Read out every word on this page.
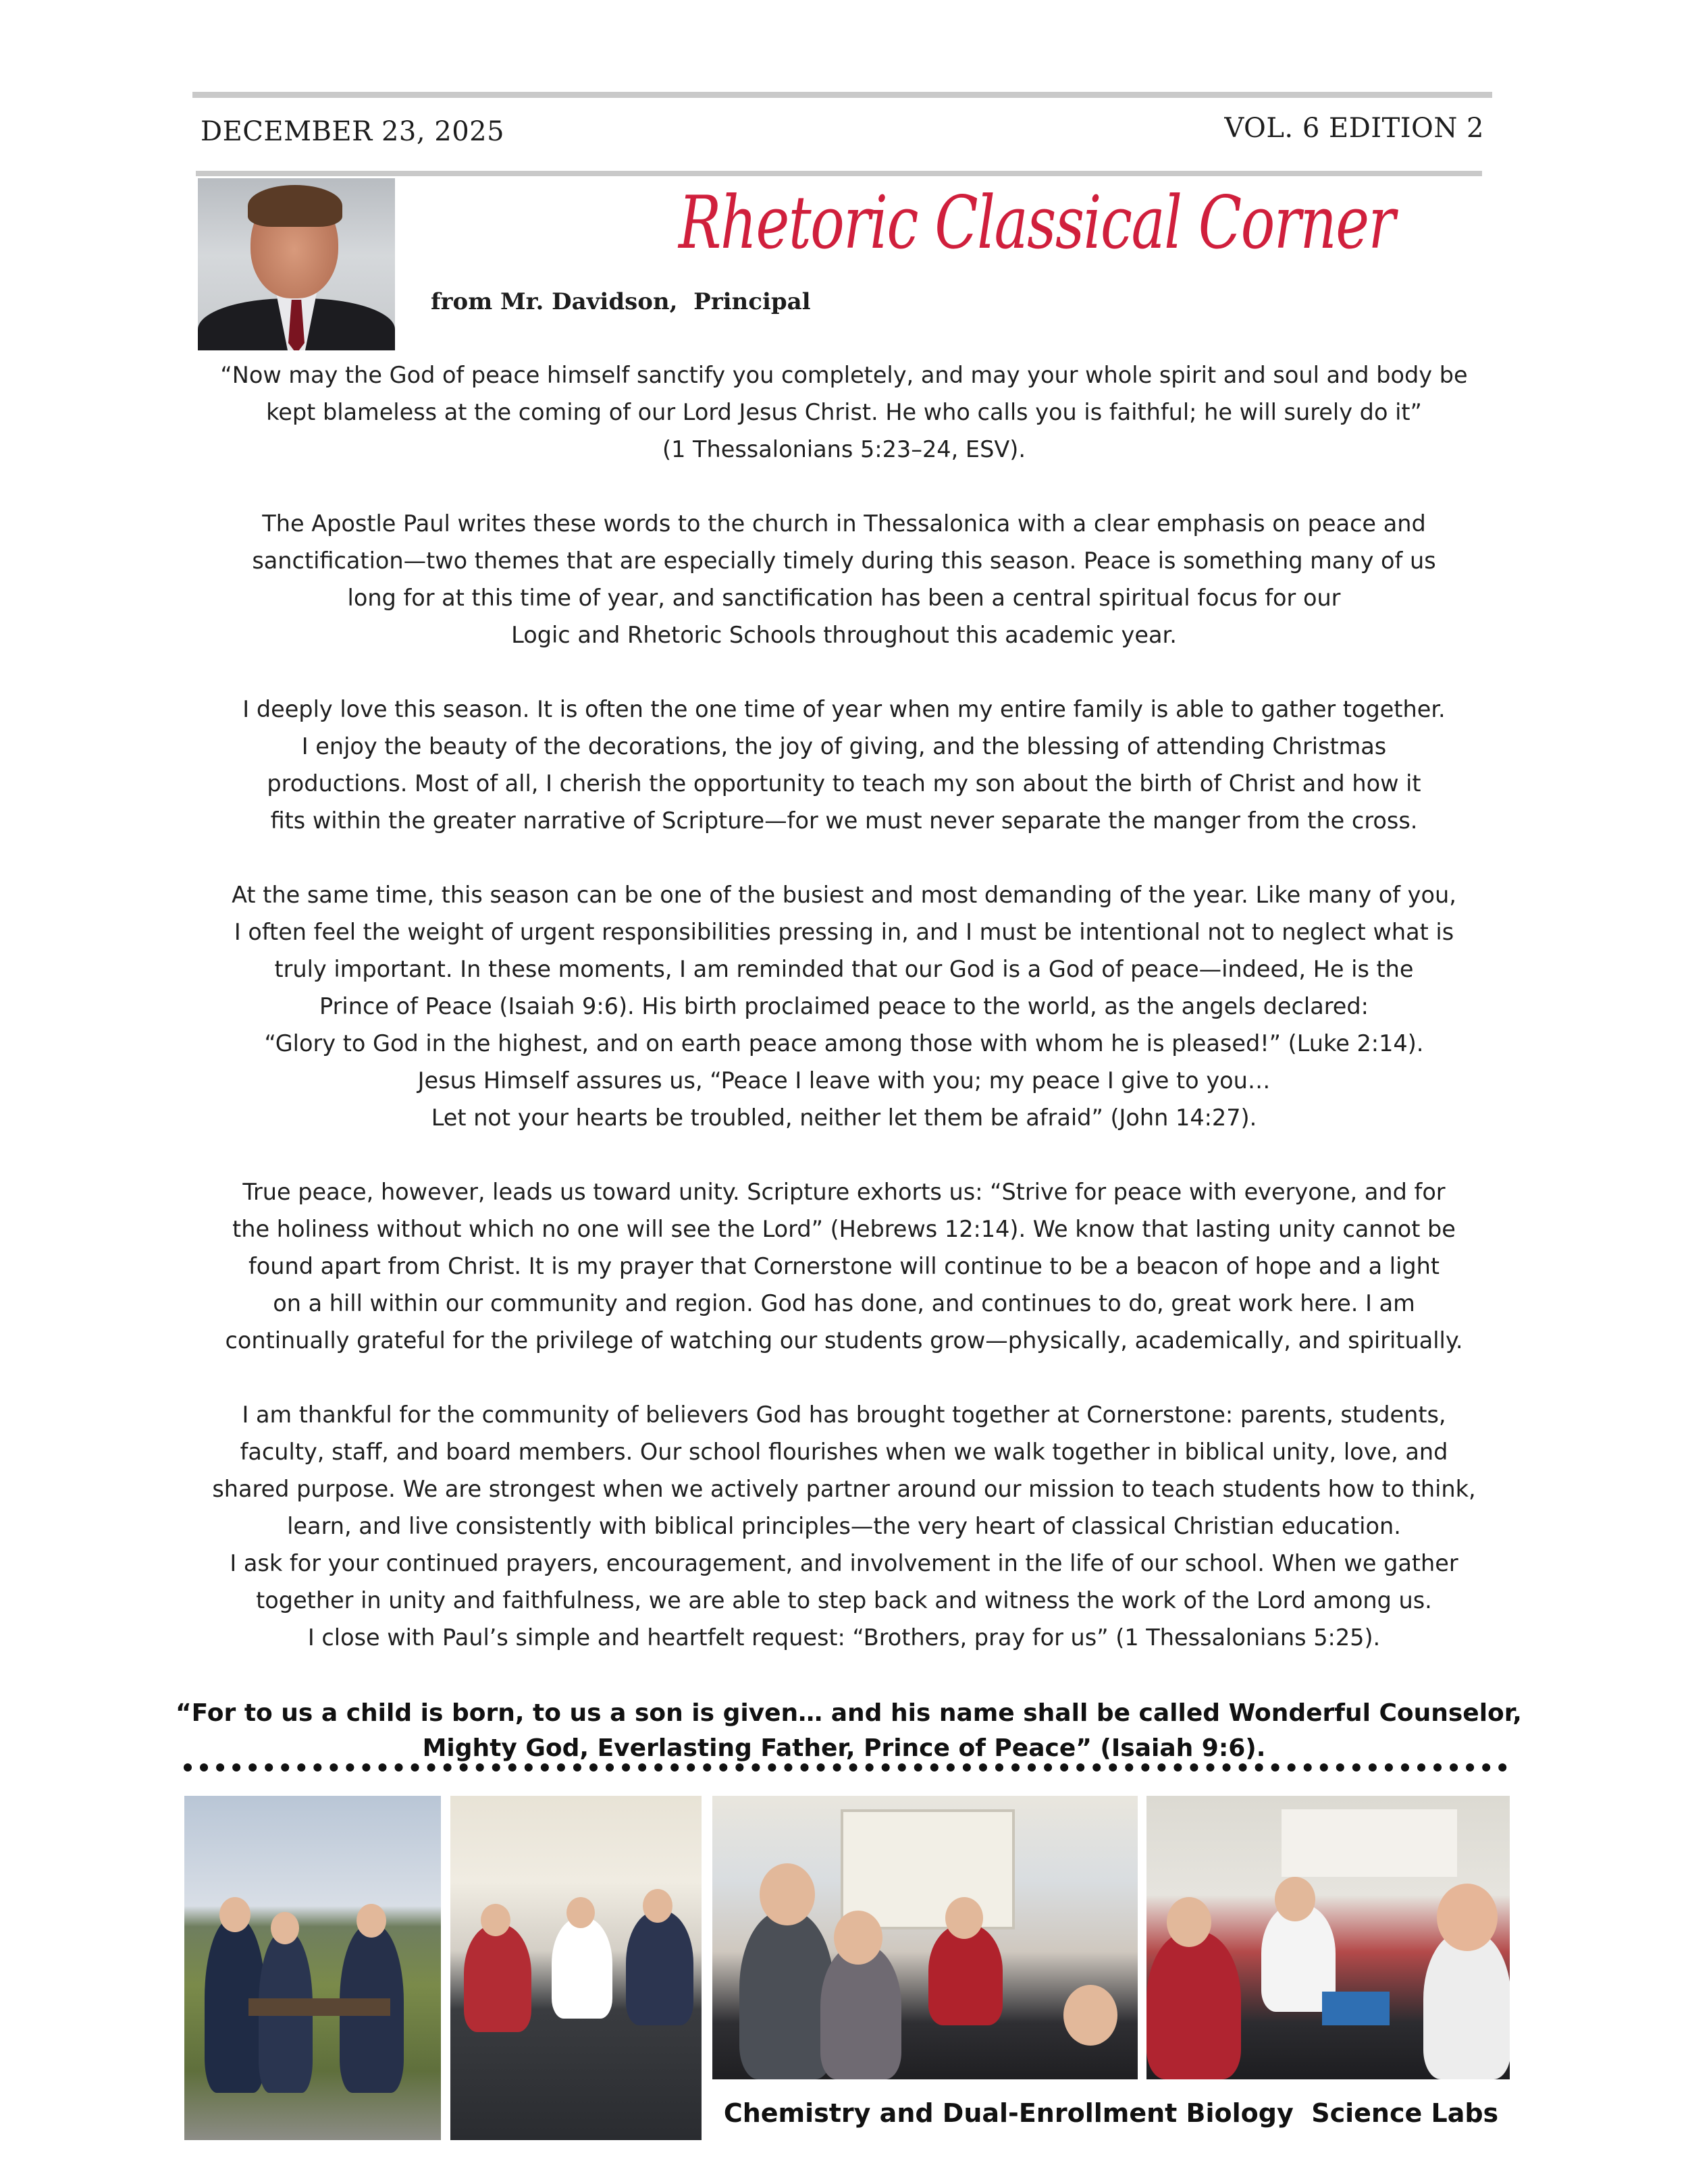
DECEMBER 23, 2025	VOL. 6 EDITION 2
Rhetoric Classical Corner
from Mr. Davidson,  Principal
“Now may the God of peace himself sanctify you completely, and may your whole spirit and soul and body be
kept blameless at the coming of our Lord Jesus Christ. He who calls you is faithful; he will surely do it”
(1 Thessalonians 5:23–24, ESV).
The Apostle Paul writes these words to the church in Thessalonica with a clear emphasis on peace and
sanctification—two themes that are especially timely during this season. Peace is something many of us
long for at this time of year, and sanctification has been a central spiritual focus for our
Logic and Rhetoric Schools throughout this academic year.
I deeply love this season. It is often the one time of year when my entire family is able to gather together.
I enjoy the beauty of the decorations, the joy of giving, and the blessing of attending Christmas
productions. Most of all, I cherish the opportunity to teach my son about the birth of Christ and how it
fits within the greater narrative of Scripture—for we must never separate the manger from the cross.
At the same time, this season can be one of the busiest and most demanding of the year. Like many of you,
I often feel the weight of urgent responsibilities pressing in, and I must be intentional not to neglect what is
truly important. In these moments, I am reminded that our God is a God of peace—indeed, He is the
Prince of Peace (Isaiah 9:6). His birth proclaimed peace to the world, as the angels declared:
“Glory to God in the highest, and on earth peace among those with whom he is pleased!” (Luke 2:14).
Jesus Himself assures us, “Peace I leave with you; my peace I give to you…
Let not your hearts be troubled, neither let them be afraid” (John 14:27).
True peace, however, leads us toward unity. Scripture exhorts us: “Strive for peace with everyone, and for
the holiness without which no one will see the Lord” (Hebrews 12:14). We know that lasting unity cannot be
found apart from Christ. It is my prayer that Cornerstone will continue to be a beacon of hope and a light
on a hill within our community and region. God has done, and continues to do, great work here. I am
continually grateful for the privilege of watching our students grow—physically, academically, and spiritually.
I am thankful for the community of believers God has brought together at Cornerstone: parents, students,
faculty, staff, and board members. Our school flourishes when we walk together in biblical unity, love, and
shared purpose. We are strongest when we actively partner around our mission to teach students how to think,
learn, and live consistently with biblical principles—the very heart of classical Christian education.
I ask for your continued prayers, encouragement, and involvement in the life of our school. When we gather
together in unity and faithfulness, we are able to step back and witness the work of the Lord among us.
I close with Paul’s simple and heartfelt request: “Brothers, pray for us” (1 Thessalonians 5:25).
“For to us a child is born, to us a son is given… and his name shall be called Wonderful Counselor,
Mighty God, Everlasting Father, Prince of Peace” (Isaiah 9:6).
Chemistry and Dual-Enrollment Biology  Science Labs
